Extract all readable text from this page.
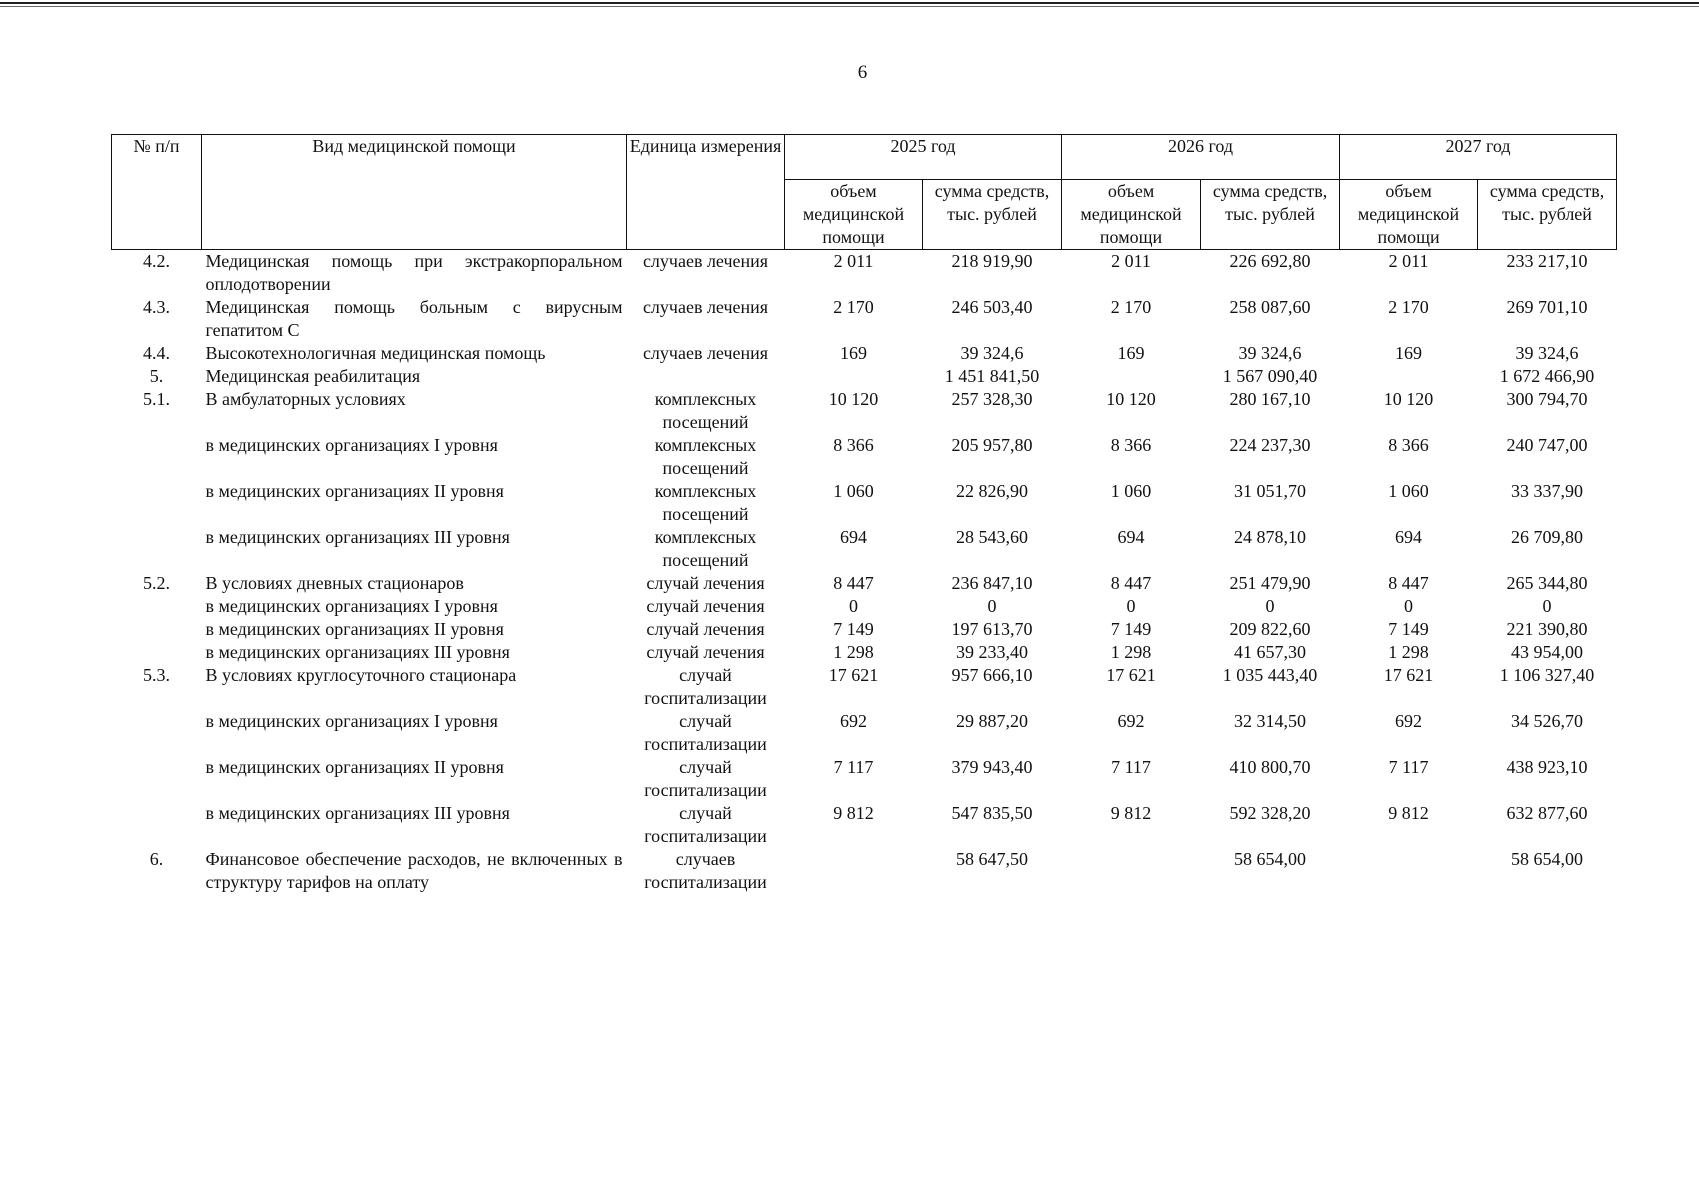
6
№ п/п	Вид медицинской помощи	Единица измерения	2025 год		2026 год		2027 год	
			объем медицинской помощи	сумма средств, тыс. рублей	объем медицинской помощи	сумма средств, тыс. рублей	объем медицинской помощи	сумма средств, тыс. рублей
4.2.	Медицинская помощь при экстракорпоральном оплодотворении	случаев лечения	2 011	218 919,90	2 011	226 692,80	2 011	233 217,10
4.3.	Медицинская помощь больным с вирусным гепатитом С	случаев лечения	2 170	246 503,40	2 170	258 087,60	2 170	269 701,10
4.4.	Высокотехнологичная медицинская помощь	случаев лечения	169	39 324,6	169	39 324,6	169	39 324,6
5.	Медицинская реабилитация			1 451 841,50		1 567 090,40		1 672 466,90
5.1.	В амбулаторных условиях	комплексных посещений	10 120	257 328,30	10 120	280 167,10	10 120	300 794,70
	в медицинских организациях I уровня	комплексных посещений	8 366	205 957,80	8 366	224 237,30	8 366	240 747,00
	в медицинских организациях II уровня	комплексных посещений	1 060	22 826,90	1 060	31 051,70	1 060	33 337,90
	в медицинских организациях III уровня	комплексных посещений	694	28 543,60	694	24 878,10	694	26 709,80
5.2.	В условиях дневных стационаров	случай лечения	8 447	236 847,10	8 447	251 479,90	8 447	265 344,80
	в медицинских организациях I уровня	случай лечения	0	0	0	0	0	0
	в медицинских организациях II уровня	случай лечения	7 149	197 613,70	7 149	209 822,60	7 149	221 390,80
	в медицинских организациях III уровня	случай лечения	1 298	39 233,40	1 298	41 657,30	1 298	43 954,00
5.3.	В условиях круглосуточного стационара	случай госпитализации	17 621	957 666,10	17 621	1 035 443,40	17 621	1 106 327,40
	в медицинских организациях I уровня	случай госпитализации	692	29 887,20	692	32 314,50	692	34 526,70
	в медицинских организациях II уровня	случай госпитализации	7 117	379 943,40	7 117	410 800,70	7 117	438 923,10
	в медицинских организациях III уровня	случай госпитализации	9 812	547 835,50	9 812	592 328,20	9 812	632 877,60
6.	Финансовое обеспечение расходов, не включенных в структуру тарифов на оплату	случаев госпитализации		58 647,50		58 654,00		58 654,00
